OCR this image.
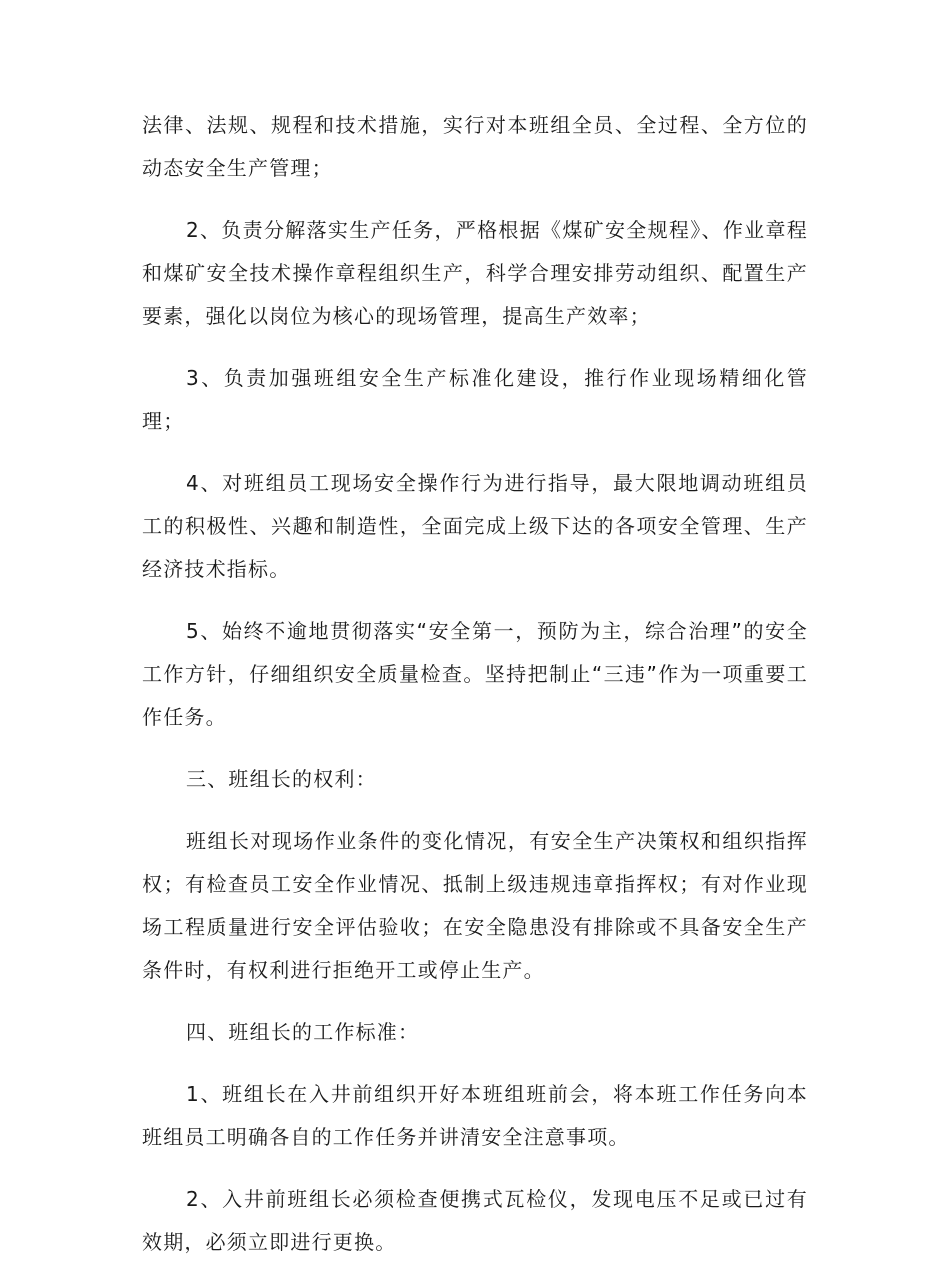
法律、法规、规程和技术措施，实行对本班组全员、全过程、全方位的动态安全生产管理；

2、负责分解落实生产任务，严格根据《煤矿安全规程》、作业章程和煤矿安全技术操作章程组织生产，科学合理安排劳动组织、配置生产要素，强化以岗位为核心的现场管理，提高生产效率；

3、负责加强班组安全生产标准化建设，推行作业现场精细化管理；

4、对班组员工现场安全操作行为进行指导，最大限地调动班组员工的积极性、兴趣和制造性，全面完成上级下达的各项安全管理、生产经济技术指标。

5、始终不逾地贯彻落实“安全第一，预防为主，综合治理”的安全工作方针，仔细组织安全质量检查。坚持把制止“三违”作为一项重要工作任务。

三、班组长的权利：

班组长对现场作业条件的变化情况，有安全生产决策权和组织指挥权；有检查员工安全作业情况、抵制上级违规违章指挥权；有对作业现场工程质量进行安全评估验收；在安全隐患没有排除或不具备安全生产条件时，有权利进行拒绝开工或停止生产。

四、班组长的工作标准：

1、班组长在入井前组织开好本班组班前会，将本班工作任务向本班组员工明确各自的工作任务并讲清安全注意事项。

2、入井前班组长必须检查便携式瓦检仪，发现电压不足或已过有效期，必须立即进行更换。
